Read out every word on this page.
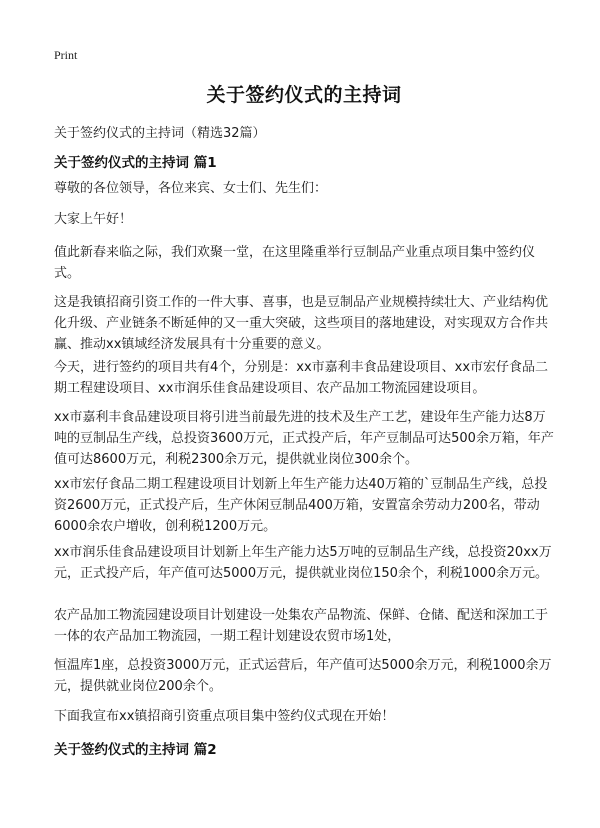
Print
关于签约仪式的主持词
关于签约仪式的主持词（精选32篇）
关于签约仪式的主持词 篇1

尊敬的各位领导，各位来宾、女士们、先生们：

大家上午好！

值此新春来临之际，我们欢聚一堂，在这里隆重举行豆制品产业重点项目集中签约仪式。

这是我镇招商引资工作的一件大事、喜事，也是豆制品产业规模持续壮大、产业结构优化升级、产业链条不断延伸的又一重大突破，这些项目的落地建设，对实现双方合作共赢、推动xx镇域经济发展具有十分重要的意义。

今天，进行签约的项目共有4个，分别是：xx市嘉利丰食品建设项目、xx市宏仔食品二期工程建设项目、xx市润乐佳食品建设项目、农产品加工物流园建设项目。

xx市嘉利丰食品建设项目将引进当前最先进的技术及生产工艺，建设年生产能力达8万吨的豆制品生产线，总投资3600万元，正式投产后，年产豆制品可达500余万箱，年产值可达8600万元，利税2300余万元，提供就业岗位300余个。

xx市宏仔食品二期工程建设项目计划新上年生产能力达40万箱的`豆制品生产线，总投资2600万元，正式投产后，生产休闲豆制品400万箱，安置富余劳动力200名，带动6000余农户增收，创利税1200万元。

xx市润乐佳食品建设项目计划新上年生产能力达5万吨的豆制品生产线，总投资20xx万元，正式投产后，年产值可达5000万元，提供就业岗位150余个，利税1000余万元。

农产品加工物流园建设项目计划建设一处集农产品物流、保鲜、仓储、配送和深加工于一体的农产品加工物流园，一期工程计划建设农贸市场1处，

恒温库1座，总投资3000万元，正式运营后，年产值可达5000余万元，利税1000余万元，提供就业岗位200余个。

下面我宣布xx镇招商引资重点项目集中签约仪式现在开始！

关于签约仪式的主持词 篇2
